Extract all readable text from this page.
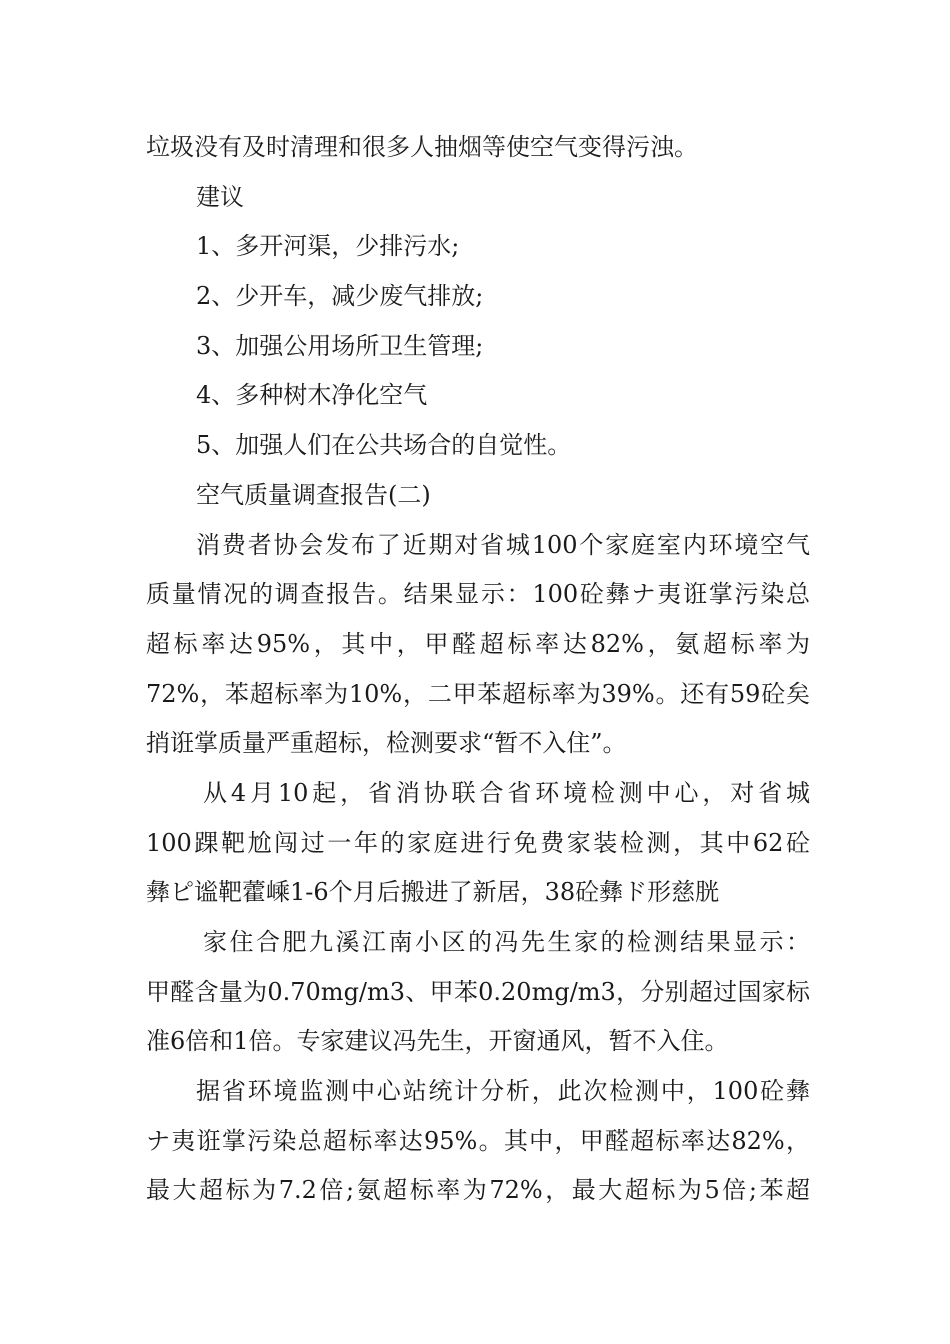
垃圾没有及时清理和很多人抽烟等使空气变得污浊。
建议
1、多开河渠，少排污水;
2、少开车，减少废气排放;
3、加强公用场所卫生管理;
4、多种树木净化空气
5、加强人们在公共场合的自觉性。
空气质量调查报告(二)
消费者协会发布了近期对省城100个家庭室内环境空气
质量情况的调查报告。结果显示：100砼彝ナ夷诳掌污染总
超标率达95%，其中，甲醛超标率达82%，氨超标率为
72%，苯超标率为10%，二甲苯超标率为39%。还有59砼矣
捎诳掌质量严重超标，检测要求“暂不入住”。
从4月10起，省消协联合省环境检测中心，对省城
100踝靶尬闯过一年的家庭进行免费家装检测，其中62砼
彝ピ谧靶藿嵊1-6个月后搬进了新居，38砼彝ド形慈胱
家住合肥九溪江南小区的冯先生家的检测结果显示：
甲醛含量为0.70mg/m3、甲苯0.20mg/m3，分别超过国家标
准6倍和1倍。专家建议冯先生，开窗通风，暂不入住。
据省环境监测中心站统计分析，此次检测中，100砼彝
ナ夷诳掌污染总超标率达95%。其中，甲醛超标率达82%，
最大超标为7.2倍;氨超标率为72%，最大超标为5倍;苯超
